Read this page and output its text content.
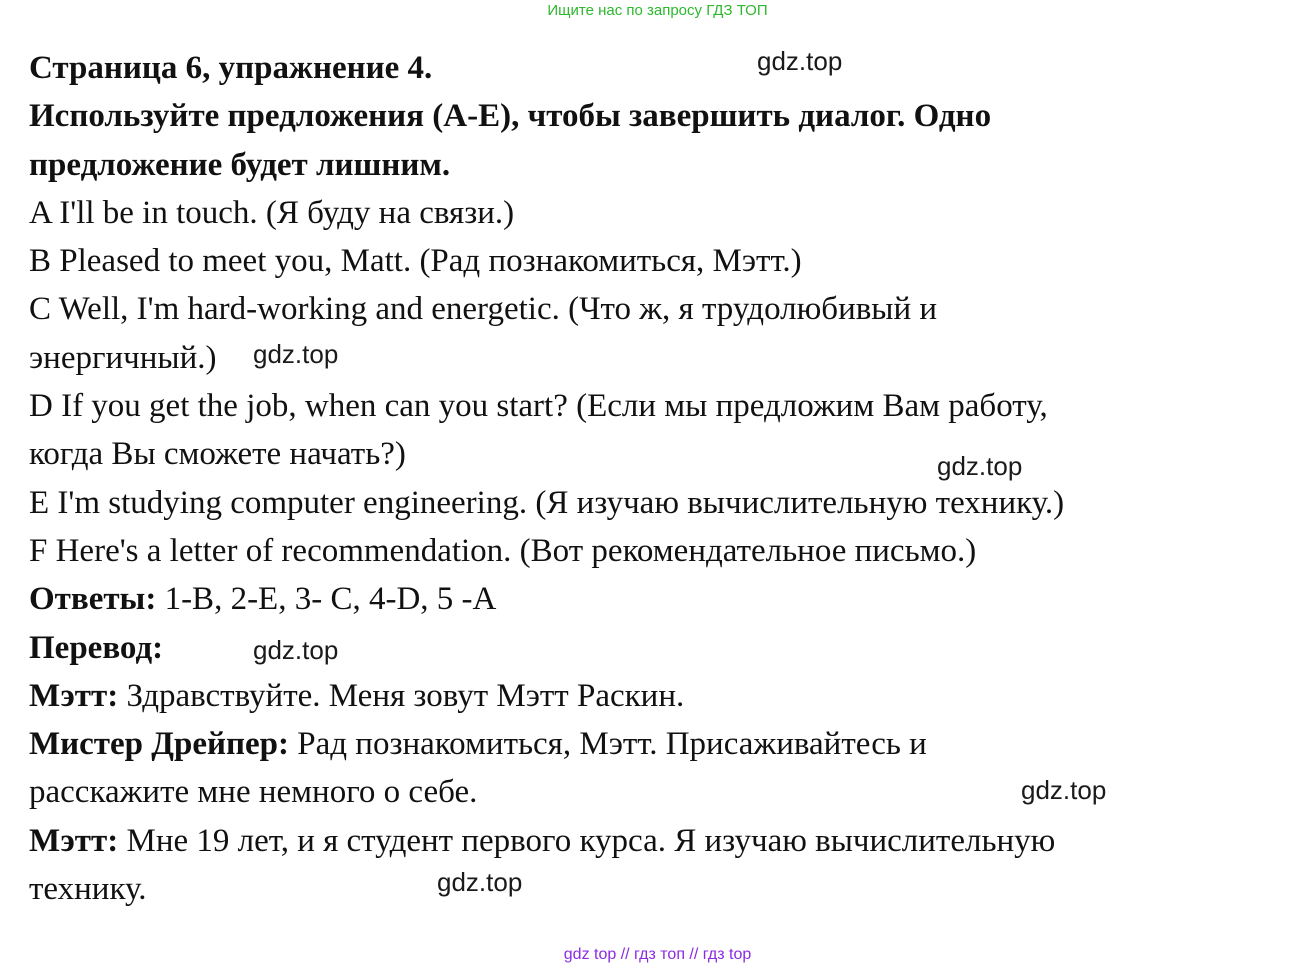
Ищите нас по запросу ГДЗ ТОП

Страница 6, упражнение 4.

Используйте предложения (A-E), чтобы завершить диалог. Одно

предложение будет лишним.

A I'll be in touch. (Я буду на связи.)

B Pleased to meet you, Matt. (Рад познакомиться, Мэтт.)

C Well, I'm hard-working and energetic. (Что ж, я трудолюбивый и

энергичный.)

D If you get the job, when can you start? (Если мы предложим Вам работу,

когда Вы сможете начать?)

E I'm studying computer engineering. (Я изучаю вычислительную технику.)

F Here's a letter of recommendation. (Вот рекомендательное письмо.)

Ответы: 1-B, 2-E, 3- C, 4-D, 5 -A

Перевод:

Мэтт: Здравствуйте. Меня зовут Мэтт Раскин.

Мистер Дрейпер: Рад познакомиться, Мэтт. Присаживайтесь и

расскажите мне немного о себе.

Мэтт: Мне 19 лет, и я студент первого курса. Я изучаю вычислительную

технику.

gdz.top
gdz.top
gdz.top
gdz.top
gdz.top
gdz.top
gdz top // гдз топ // гдз top
